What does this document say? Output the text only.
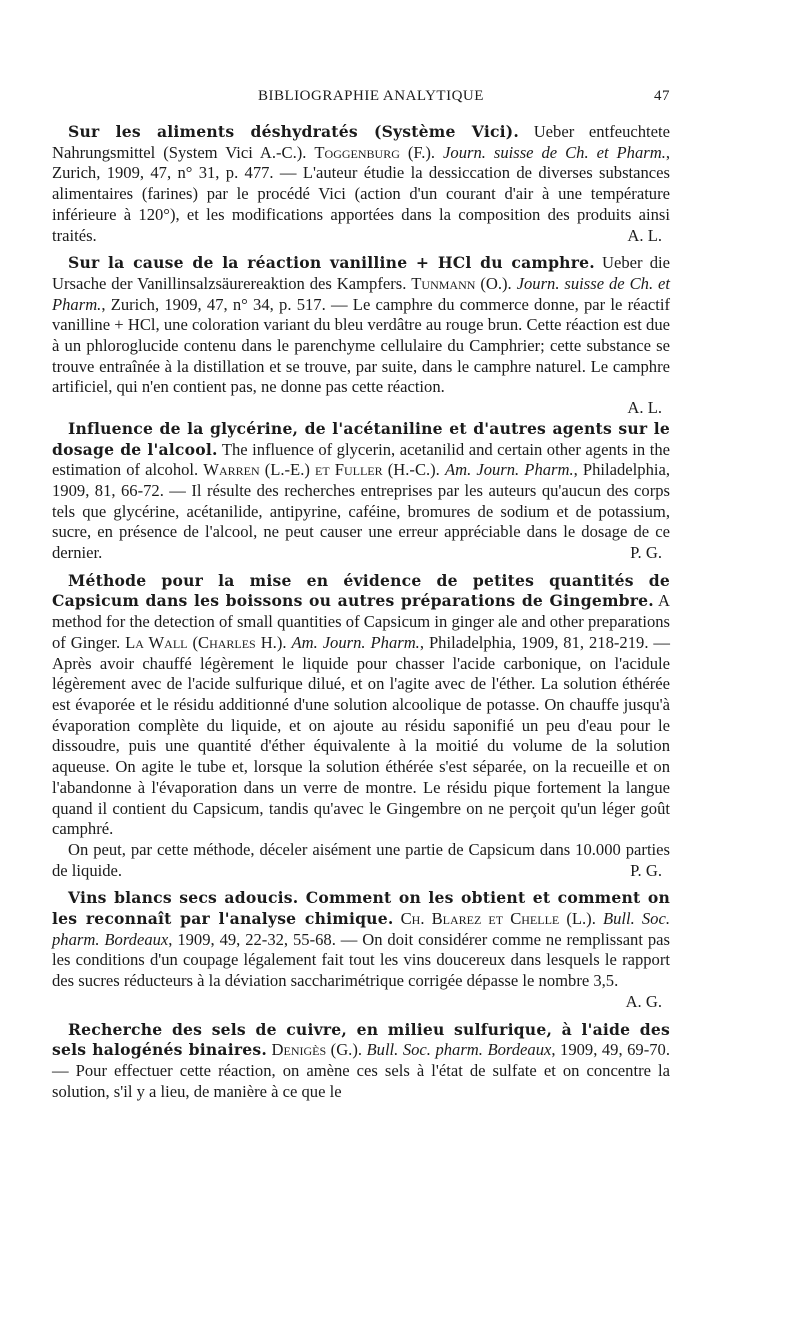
BIBLIOGRAPHIE ANALYTIQUE	47

Sur les aliments déshydratés (Système Vici). Ueber entfeuchtete Nahrungsmittel (System Vici A.-C.). Toggenburg (F.). Journ. suisse de Ch. et Pharm., Zurich, 1909, 47, n° 31, p. 477. — L'auteur étudie la dessiccation de diverses substances alimentaires (farines) par le procédé Vici (action d'un courant d'air à une température inférieure à 120°), et les modifications apportées dans la composition des produits ainsi traités.	A. L.

Sur la cause de la réaction vanilline + HCl du camphre. Ueber die Ursache der Vanillinsalzsäurereaktion des Kampfers. Tunmann (O.). Journ. suisse de Ch. et Pharm., Zurich, 1909, 47, n° 34, p. 517. — Le camphre du commerce donne, par le réactif vanilline + HCl, une coloration variant du bleu verdâtre au rouge brun. Cette réaction est due à un phloroglucide contenu dans le parenchyme cellulaire du Camphrier; cette substance se trouve entraînée à la distillation et se trouve, par suite, dans le camphre naturel. Le camphre artificiel, qui n'en contient pas, ne donne pas cette réaction.

A. L.

Influence de la glycérine, de l'acétaniline et d'autres agents sur le dosage de l'alcool. The influence of glycerin, acetanilid and certain other agents in the estimation of alcohol. Warren (L.-E.) et Fuller (H.-C.). Am. Journ. Pharm., Philadelphia, 1909, 81, 66-72. — Il résulte des recherches entreprises par les auteurs qu'aucun des corps tels que glycérine, acétanilide, antipyrine, caféine, bromures de sodium et de potassium, sucre, en présence de l'alcool, ne peut causer une erreur appréciable dans le dosage de ce dernier.	P. G.

Méthode pour la mise en évidence de petites quantités de Capsicum dans les boissons ou autres préparations de Gingembre. A method for the detection of small quantities of Capsicum in ginger ale and other preparations of Ginger. La Wall (Charles H.). Am. Journ. Pharm., Philadelphia, 1909, 81, 218-219. — Après avoir chauffé légèrement le liquide pour chasser l'acide carbonique, on l'acidule légèrement avec de l'acide sulfurique dilué, et on l'agite avec de l'éther. La solution éthérée est évaporée et le résidu additionné d'une solution alcoolique de potasse. On chauffe jusqu'à évaporation complète du liquide, et on ajoute au résidu saponifié un peu d'eau pour le dissoudre, puis une quantité d'éther équivalente à la moitié du volume de la solution aqueuse. On agite le tube et, lorsque la solution éthérée s'est séparée, on la recueille et on l'abandonne à l'évaporation dans un verre de montre. Le résidu pique fortement la langue quand il contient du Capsicum, tandis qu'avec le Gingembre on ne perçoit qu'un léger goût camphré.

On peut, par cette méthode, déceler aisément une partie de Capsicum dans 10.000 parties de liquide.	P. G.

Vins blancs secs adoucis. Comment on les obtient et comment on les reconnaît par l'analyse chimique. Ch. Blarez et Chelle (L.). Bull. Soc. pharm. Bordeaux, 1909, 49, 22-32, 55-68. — On doit considérer comme ne remplissant pas les conditions d'un coupage légalement fait tout les vins doucereux dans lesquels le rapport des sucres réducteurs à la déviation saccharimétrique corrigée dépasse le nombre 3,5.
A. G.

Recherche des sels de cuivre, en milieu sulfurique, à l'aide des sels halogénés binaires. Denigès (G.). Bull. Soc. pharm. Bordeaux, 1909, 49, 69-70. — Pour effectuer cette réaction, on amène ces sels à l'état de sulfate et on concentre la solution, s'il y a lieu, de manière à ce que le
